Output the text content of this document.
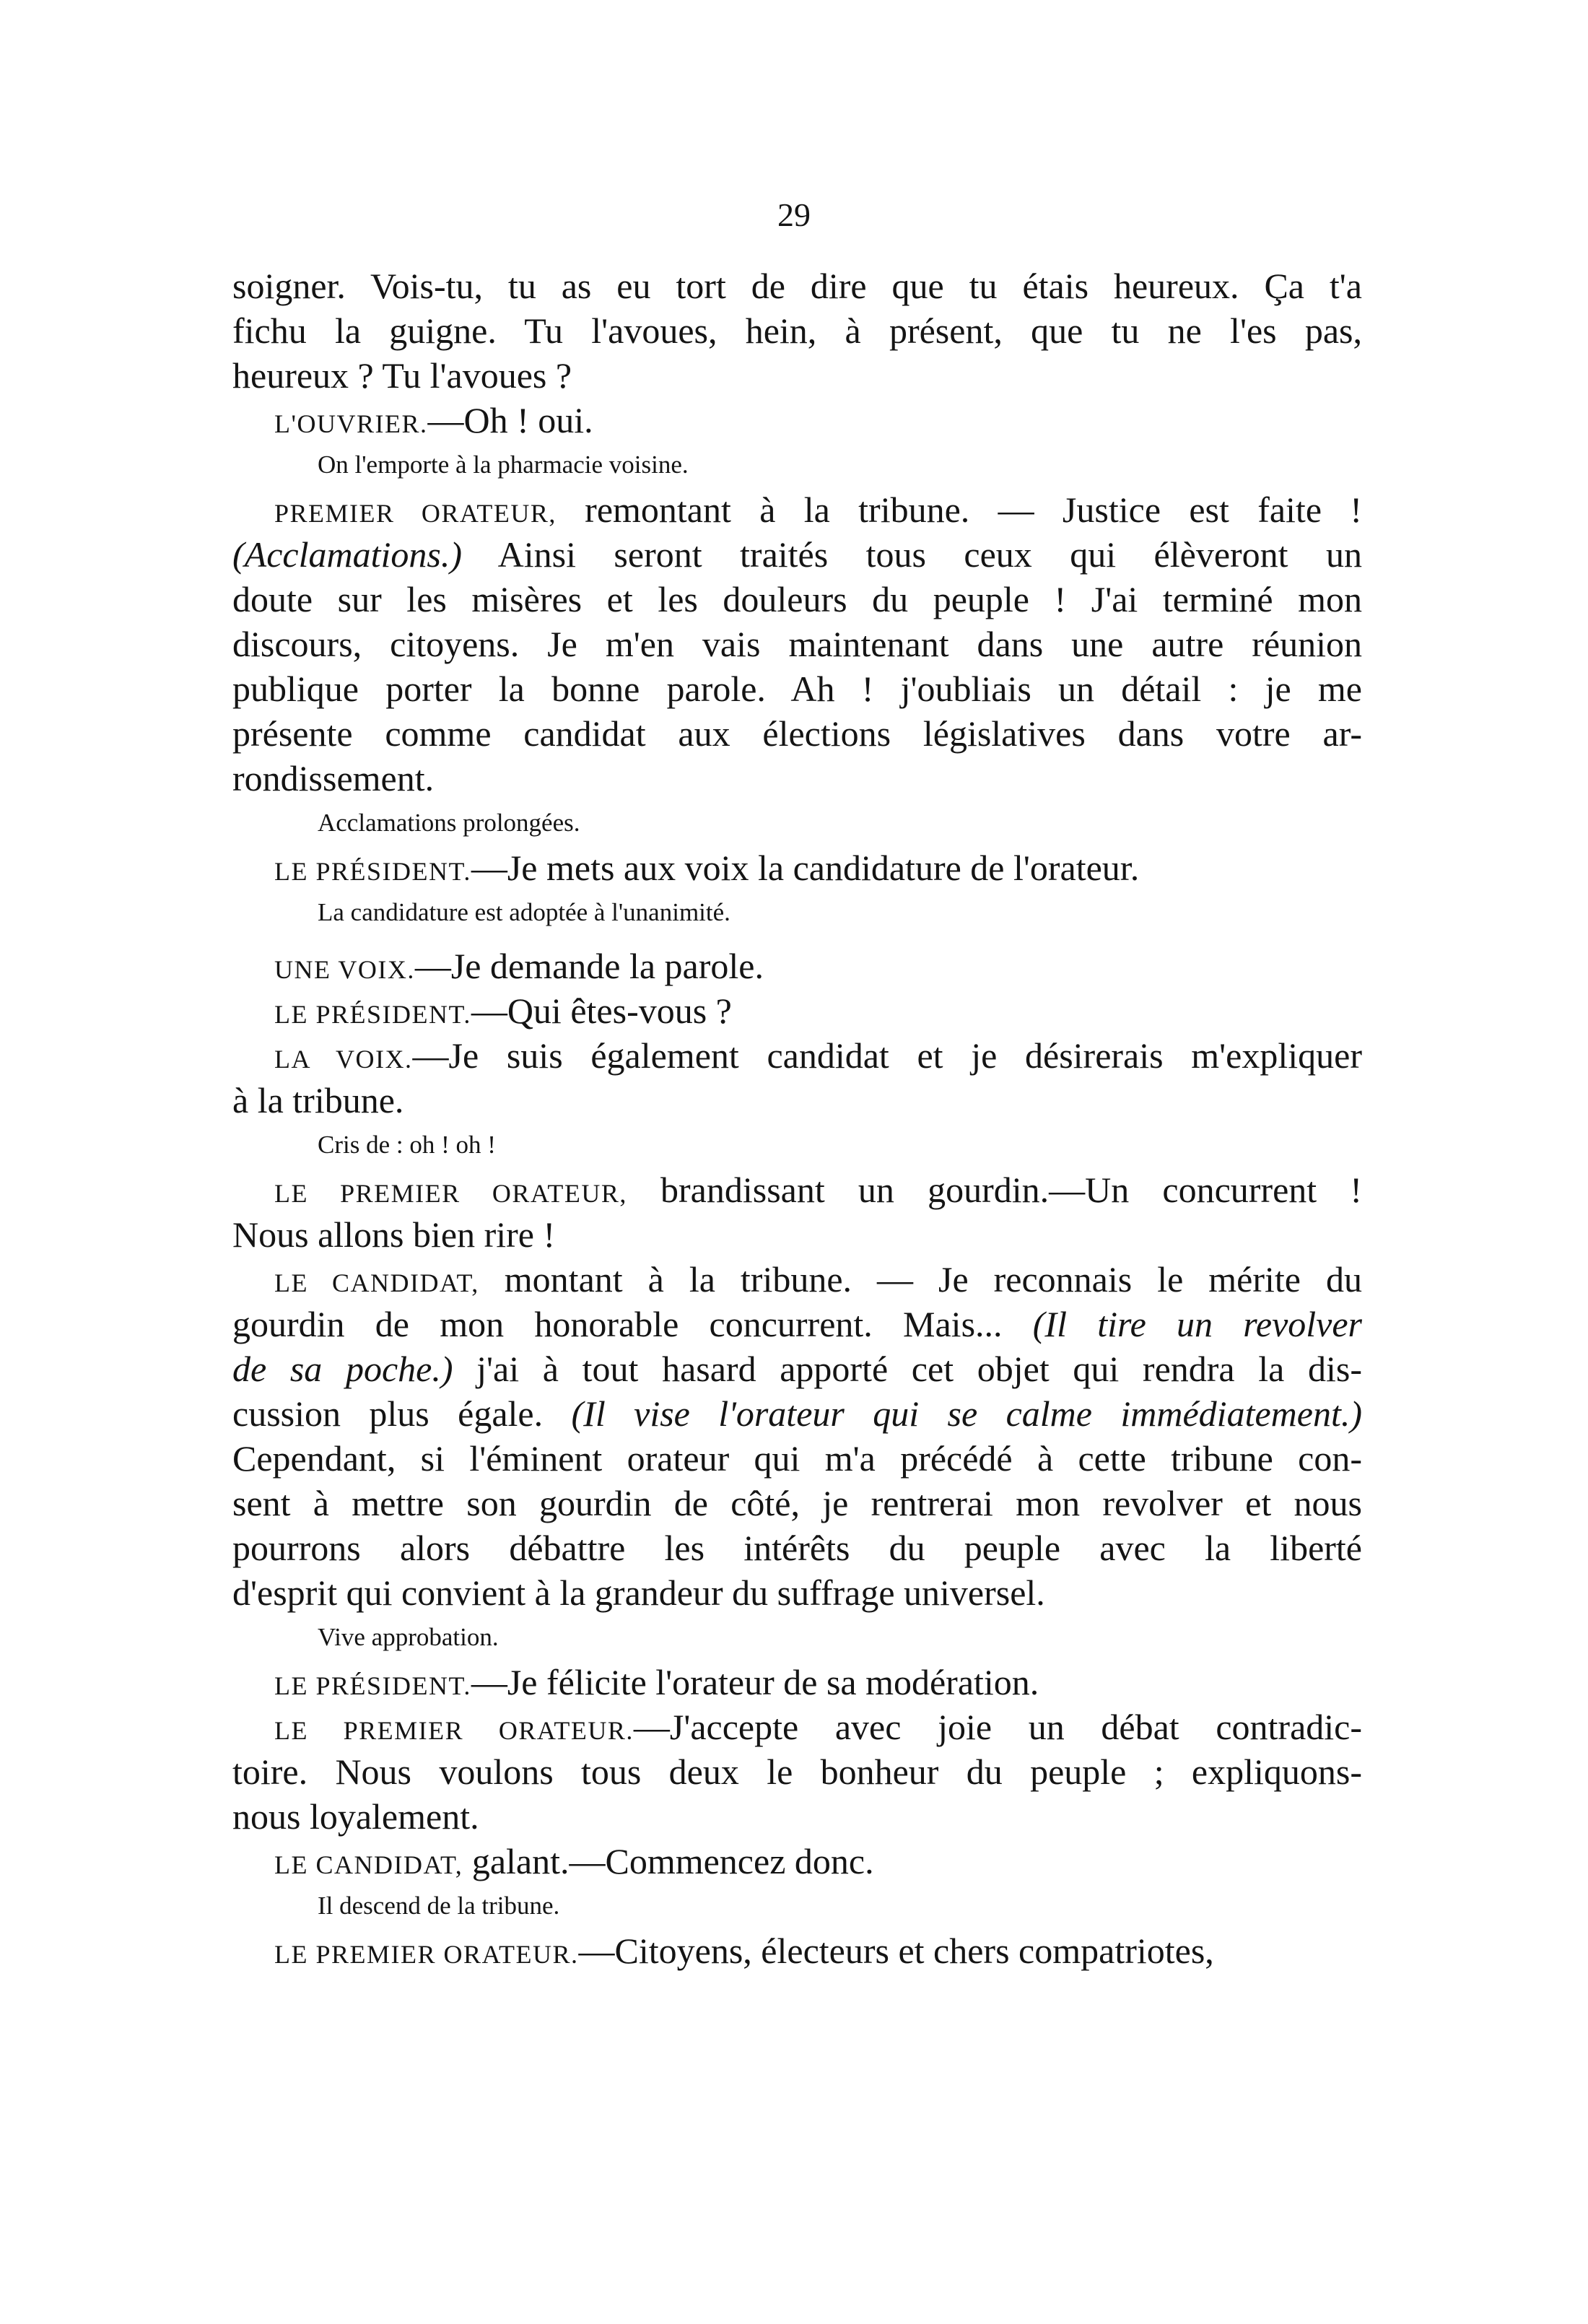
29
soigner. Vois-tu, tu as eu tort de dire que tu étais heureux. Ça t'a
fichu la guigne. Tu l'avoues, hein, à présent, que tu ne l'es pas,
heureux ? Tu l'avoues ?
L'OUVRIER.—Oh ! oui.
On l'emporte à la pharmacie voisine.
PREMIER ORATEUR, remontant à la tribune. — Justice est faite !
(Acclamations.) Ainsi seront traités tous ceux qui élèveront un
doute sur les misères et les douleurs du peuple ! J'ai terminé mon
discours, citoyens. Je m'en vais maintenant dans une autre réunion
publique porter la bonne parole. Ah ! j'oubliais un détail : je me
présente comme candidat aux élections législatives dans votre ar-
rondissement.
Acclamations prolongées.
LE PRÉSIDENT.—Je mets aux voix la candidature de l'orateur.
La candidature est adoptée à l'unanimité.
UNE VOIX.—Je demande la parole.
LE PRÉSIDENT.—Qui êtes-vous ?
LA VOIX.—Je suis également candidat et je désirerais m'expliquer
à la tribune.
Cris de : oh ! oh !
LE PREMIER ORATEUR, brandissant un gourdin.—Un concurrent !
Nous allons bien rire !
LE CANDIDAT, montant à la tribune. — Je reconnais le mérite du
gourdin de mon honorable concurrent. Mais... (Il tire un revolver
de sa poche.) j'ai à tout hasard apporté cet objet qui rendra la dis-
cussion plus égale. (Il vise l'orateur qui se calme immédiatement.)
Cependant, si l'éminent orateur qui m'a précédé à cette tribune con-
sent à mettre son gourdin de côté, je rentrerai mon revolver et nous
pourrons alors débattre les intérêts du peuple avec la liberté
d'esprit qui convient à la grandeur du suffrage universel.
Vive approbation.
LE PRÉSIDENT.—Je félicite l'orateur de sa modération.
LE PREMIER ORATEUR.—J'accepte avec joie un débat contradic-
toire. Nous voulons tous deux le bonheur du peuple ; expliquons-
nous loyalement.
LE CANDIDAT, galant.—Commencez donc.
Il descend de la tribune.
LE PREMIER ORATEUR.—Citoyens, électeurs et chers compatriotes,
